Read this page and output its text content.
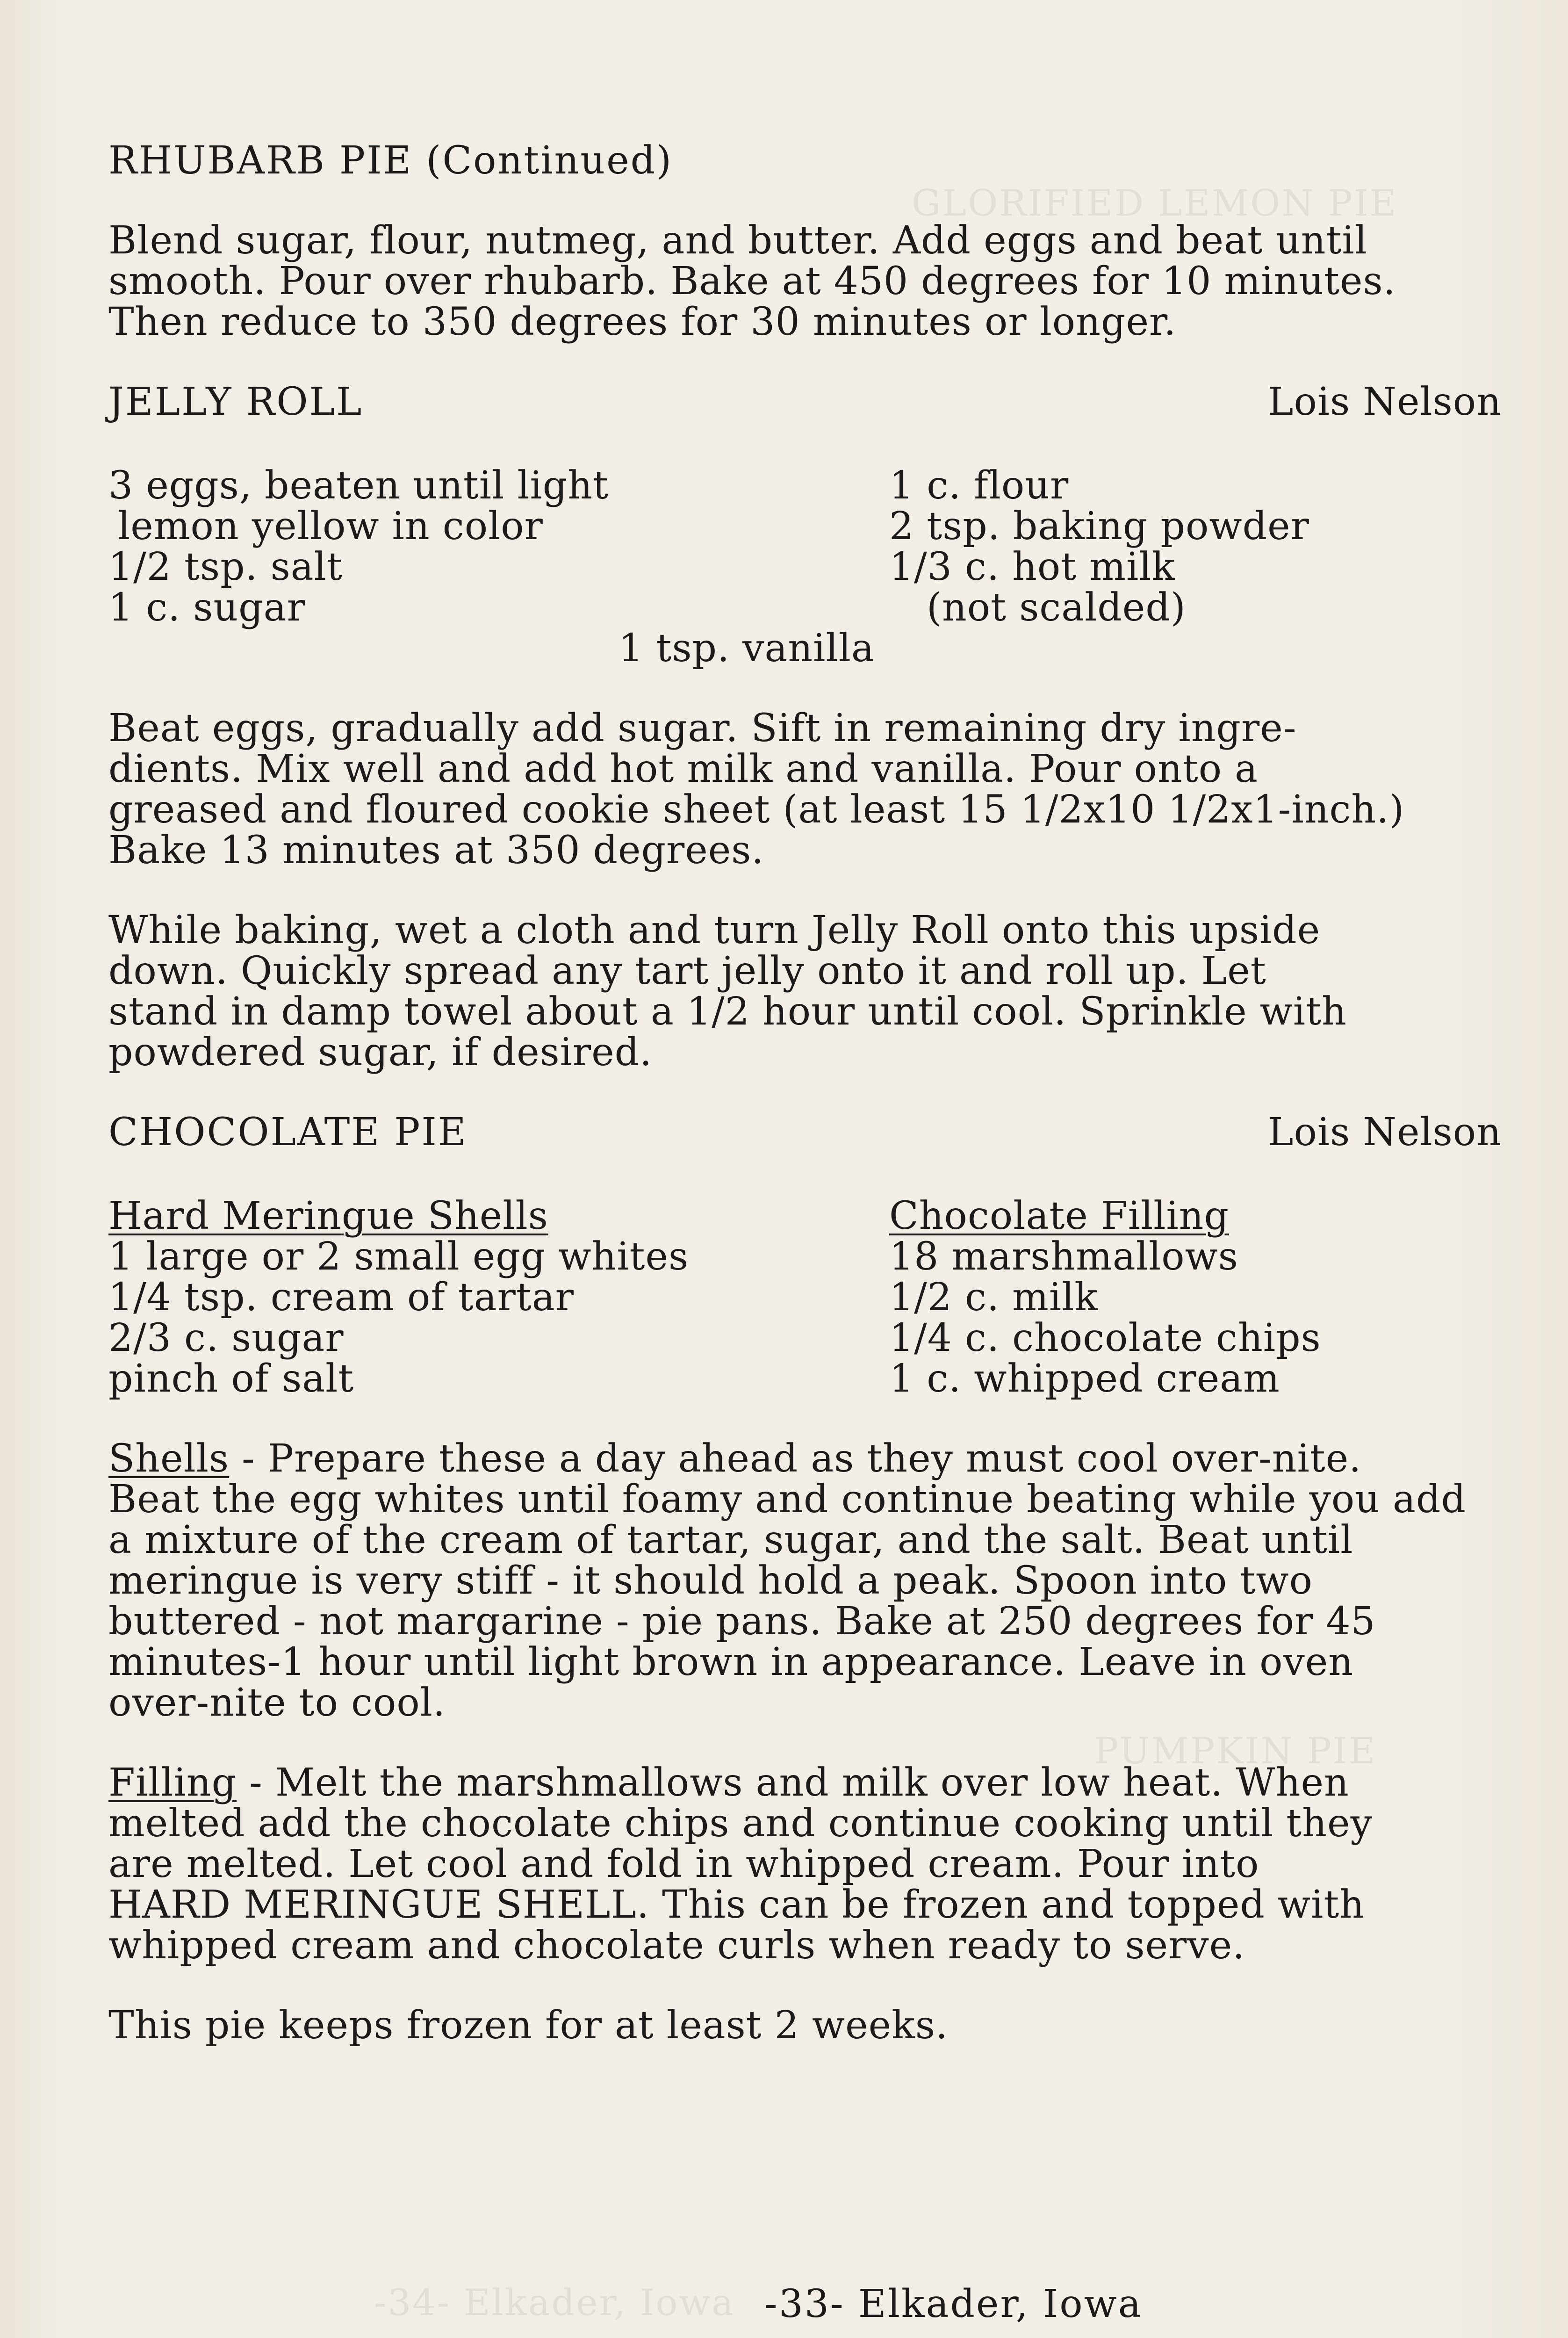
GLORIFIED LEMON PIE
PUMPKIN PIE
-34- Elkader, Iowa
RHUBARB PIE (Continued)

Blend sugar, flour, nutmeg, and butter. Add eggs and beat until

smooth. Pour over rhubarb. Bake at 450 degrees for 10 minutes.

Then reduce to 350 degrees for 30 minutes or longer.

JELLY ROLL	Lois Nelson

3 eggs, beaten until light

lemon yellow in color

1/2 tsp. salt

1 c. sugar

1 c. flour

2 tsp. baking powder

1/3 c. hot milk

(not scalded)

1 tsp. vanilla

Beat eggs, gradually add sugar. Sift in remaining dry ingre-

dients. Mix well and add hot milk and vanilla. Pour onto a

greased and floured cookie sheet (at least 15 1/2x10 1/2x1-inch.)

Bake 13 minutes at 350 degrees.

While baking, wet a cloth and turn Jelly Roll onto this upside

down. Quickly spread any tart jelly onto it and roll up. Let

stand in damp towel about a 1/2 hour until cool. Sprinkle with

powdered sugar, if desired.

CHOCOLATE PIE	Lois Nelson

Hard Meringue Shells

1 large or 2 small egg whites

1/4 tsp. cream of tartar

2/3 c. sugar

pinch of salt

Chocolate Filling

18 marshmallows

1/2 c. milk

1/4 c. chocolate chips

1 c. whipped cream

Shells - Prepare these a day ahead as they must cool over-nite.

Beat the egg whites until foamy and continue beating while you add

a mixture of the cream of tartar, sugar, and the salt. Beat until

meringue is very stiff - it should hold a peak. Spoon into two

buttered - not margarine - pie pans. Bake at 250 degrees for 45

minutes-1 hour until light brown in appearance. Leave in oven

over-nite to cool.

Filling - Melt the marshmallows and milk over low heat. When

melted add the chocolate chips and continue cooking until they

are melted. Let cool and fold in whipped cream. Pour into

HARD MERINGUE SHELL. This can be frozen and topped with

whipped cream and chocolate curls when ready to serve.

This pie keeps frozen for at least 2 weeks.

-33- Elkader, Iowa
